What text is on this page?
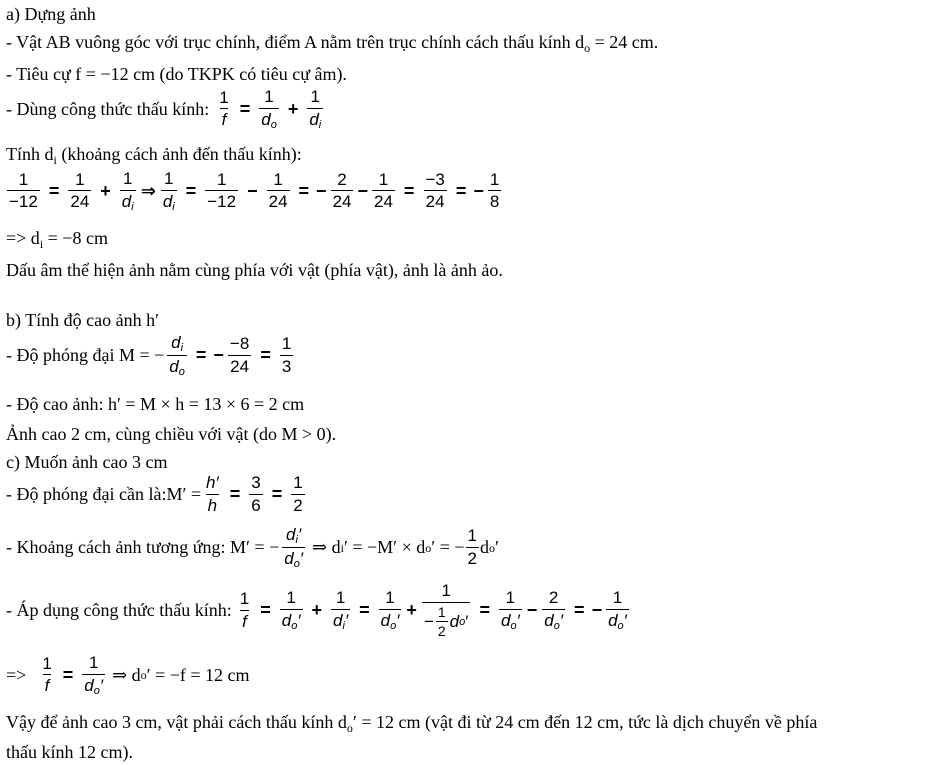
a) Dựng ảnh
- Vật AB vuông góc với trục chính, điểm A nằm trên trục chính cách thấu kính $d_o = 24$ cm.
- Tiêu cự f = −12 cm (do TKPK có tiêu cự âm).
- Dùng công thức thấu kính: $\frac{1}{f} = \frac{1}{do} + \frac{1}{di}$
Tính $d_i$ (khoảng cách ảnh đến thấu kính):
$\frac{1}{-12} = \frac{1}{24} + \frac{1}{di}$ ⇒ $\frac{1}{di} = \frac{1}{-12} - \frac{1}{24}$ = − $\frac{2}{24} - \frac{1}{24} = \frac{-3}{24}$ = − $\frac{1}{8}$
=> $d_i = -8$ cm
Dấu âm thể hiện ảnh nằm cùng phía với vật (phía vật), ảnh là ảnh ảo.
b) Tính độ cao ảnh h′
- Độ phóng đại M = − $\frac{di}{do}$ = − $\frac{-8}{24} = \frac{1}{3}$
- Độ cao ảnh: h′ = M × h = 13 × 6 = 2 cm
Ảnh cao 2 cm, cùng chiều với vật (do M > 0).
c) Muốn ảnh cao 3 cm
- Độ phóng đại cần là:M′ = $\frac{h'}{h} = \frac{3}{6} = \frac{1}{2}$
- Khoảng cách ảnh tương ứng: M′ = − $\frac{di'}{do'}$ ⇒ d i ′ = −M′ × d o ′ = − $\frac{1}{2}$ d o ′
- Áp dụng công thức thấu kính: $\frac{1}{f} = \frac{1}{do'} + \frac{1}{di'} = \frac{1}{do'} + \frac{1}{- \frac{1}{2} d o '} = \frac{1}{do'} - \frac{2}{do'}$ = − $\frac{1}{do'}$
=> $\frac{1}{f} = \frac{1}{do'}$ ⇒ d o ′ = −f = 12 cm
Vậy để ảnh cao 3 cm, vật phải cách thấu kính $d_o' = 12$ cm (vật đi từ 24 cm đến 12 cm, tức là dịch chuyển về phía
thấu kính 12 cm).
